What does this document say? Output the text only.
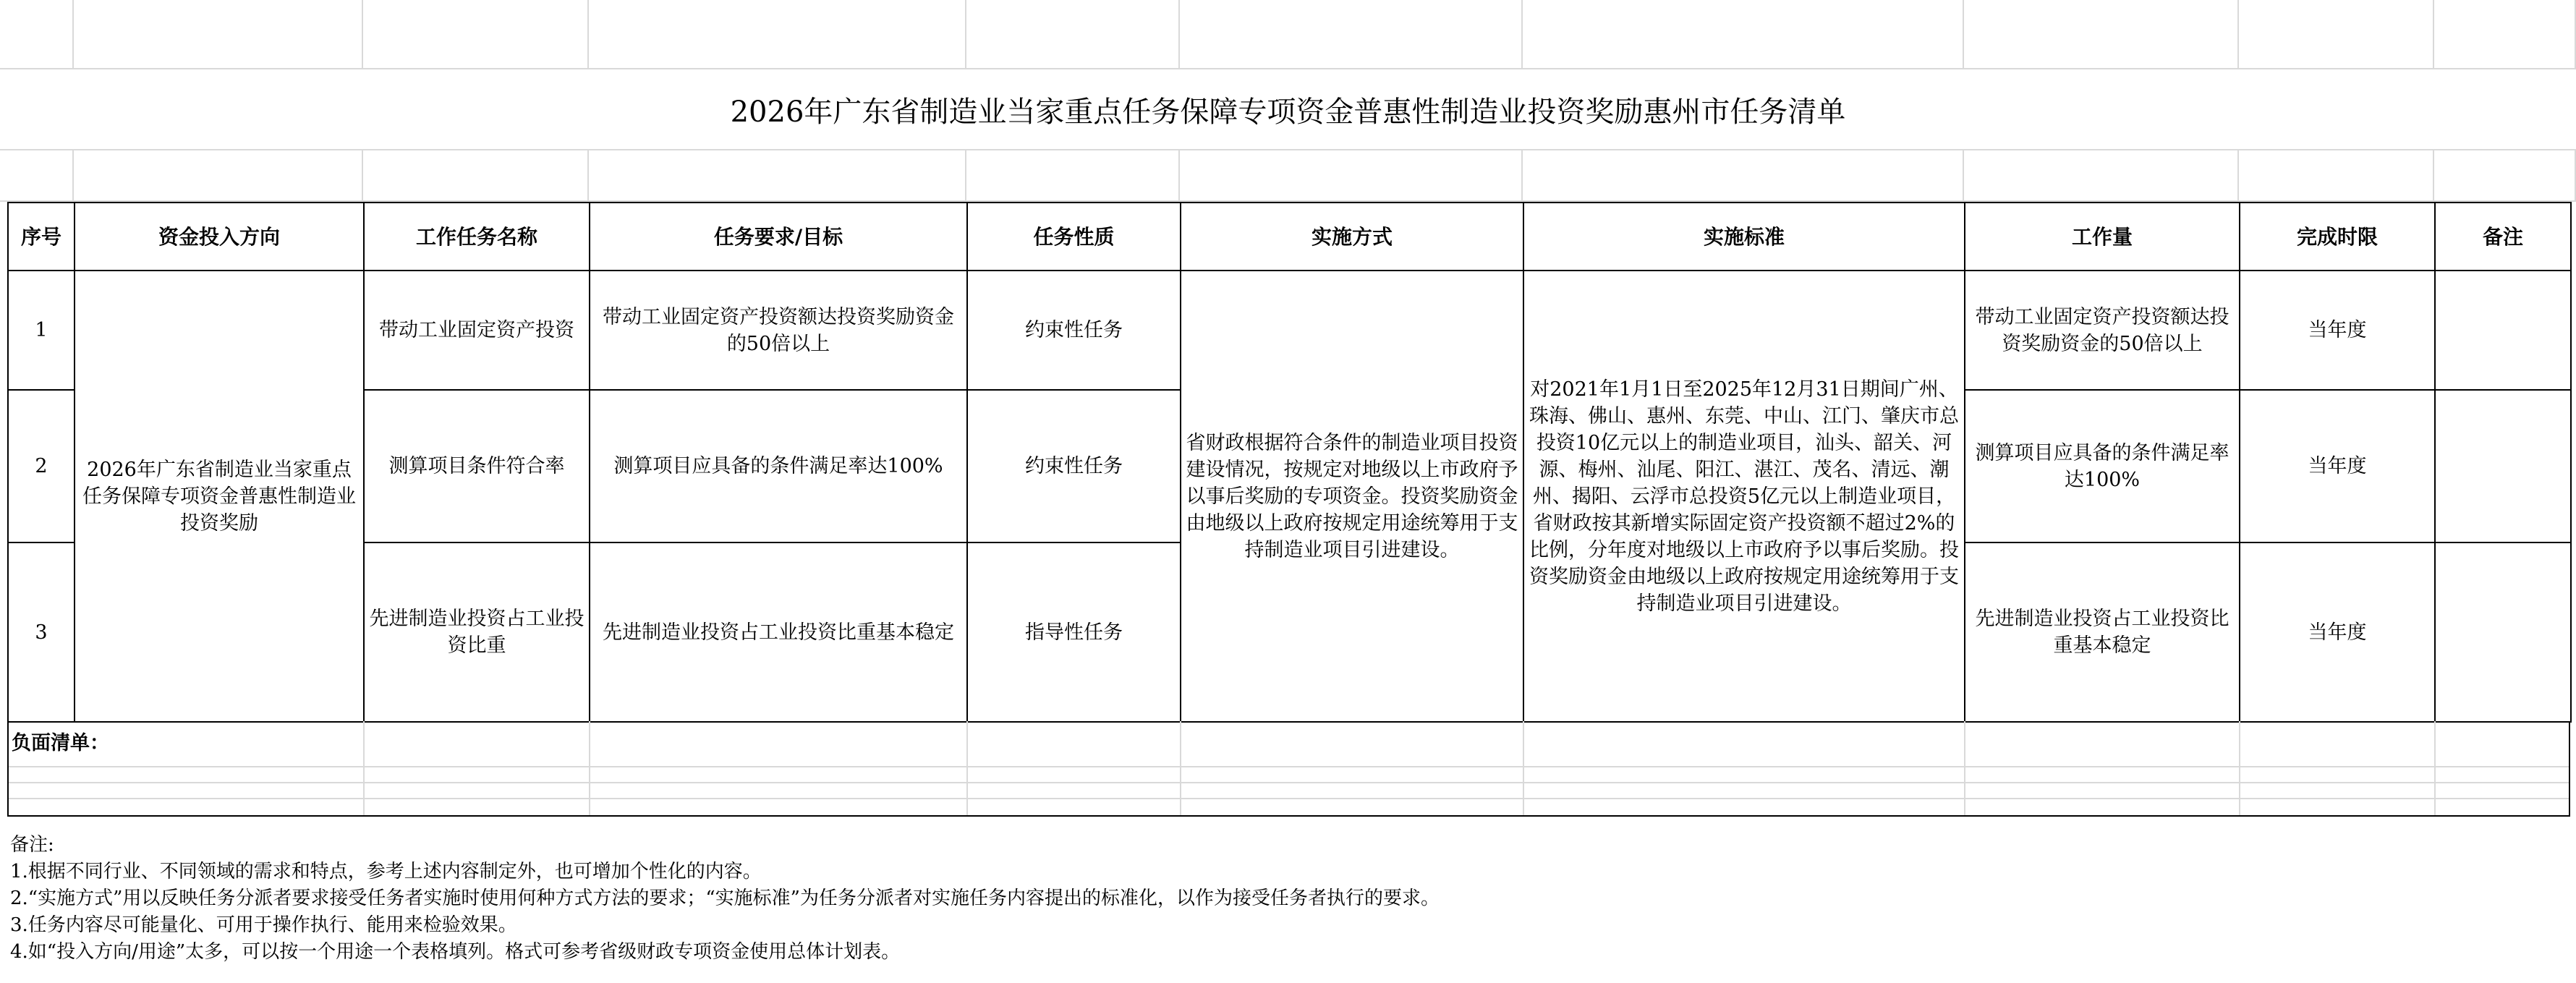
2026年广东省制造业当家重点任务保障专项资金普惠性制造业投资奖励惠州市任务清单
序号	资金投入方向	工作任务名称	任务要求/目标	任务性质	实施方式	实施标准	工作量	完成时限	备注
1	2026年广东省制造业当家重点任务保障专项资金普惠性制造业投资奖励	带动工业固定资产投资	带动工业固定资产投资额达投资奖励资金的50倍以上	约束性任务	省财政根据符合条件的制造业项目投资建设情况，按规定对地级以上市政府予以事后奖励的专项资金。投资奖励资金由地级以上政府按规定用途统筹用于支持制造业项目引进建设。	对2021年1月1日至2025年12月31日期间广州、珠海、佛山、惠州、东莞、中山、江门、肇庆市总投资10亿元以上的制造业项目，汕头、韶关、河源、梅州、汕尾、阳江、湛江、茂名、清远、潮州、揭阳、云浮市总投资5亿元以上制造业项目，省财政按其新增实际固定资产投资额不超过2%的比例，分年度对地级以上市政府予以事后奖励。投资奖励资金由地级以上政府按规定用途统筹用于支持制造业项目引进建设。	带动工业固定资产投资额达投资奖励资金的50倍以上	当年度	
2		测算项目条件符合率	测算项目应具备的条件满足率达100%	约束性任务			测算项目应具备的条件满足率达100%	当年度	
3		先进制造业投资占工业投资比重	先进制造业投资占工业投资比重基本稳定	指导性任务			先进制造业投资占工业投资比重基本稳定	当年度	
负面清单：
备注:
1.根据不同行业、不同领域的需求和特点，参考上述内容制定外，也可增加个性化的内容。
2.“实施方式”用以反映任务分派者要求接受任务者实施时使用何种方式方法的要求；“实施标准”为任务分派者对实施任务内容提出的标准化，以作为接受任务者执行的要求。
3.任务内容尽可能量化、可用于操作执行、能用来检验效果。
4.如“投入方向/用途”太多，可以按一个用途一个表格填列。格式可参考省级财政专项资金使用总体计划表。
